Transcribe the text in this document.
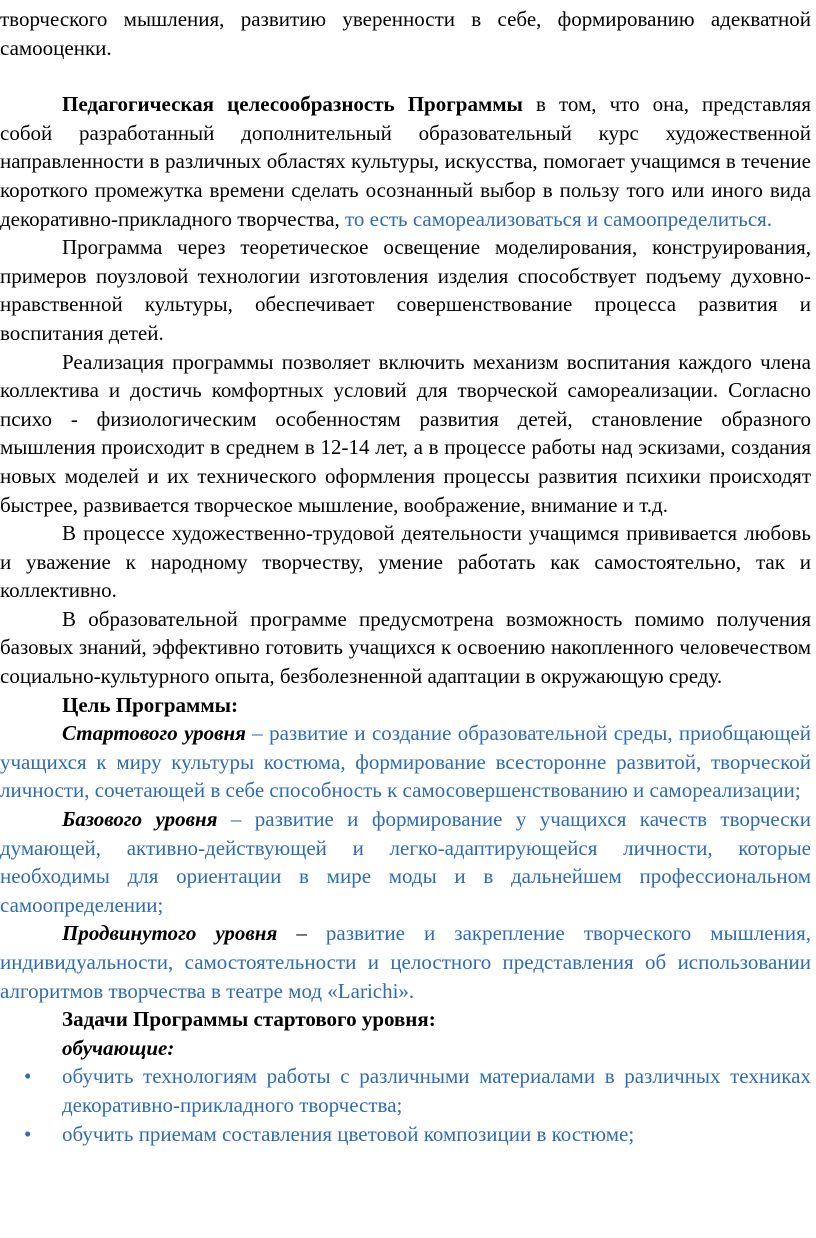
творческого мышления, развитию уверенности в себе, формированию адекватной самооценки.

Педагогическая целесообразность Программы в том, что она, представляя собой разработанный дополнительный образовательный курс художественной направленности в различных областях культуры, искусства, помогает учащимся в течение короткого промежутка времени сделать осознанный выбор в пользу того или иного вида декоративно-прикладного творчества, то есть самореализоваться и самоопределиться.

Программа через теоретическое освещение моделирования, конструирования, примеров поузловой технологии изготовления изделия способствует подъему духовно-нравственной культуры, обеспечивает совершенствование процесса развития и воспитания детей.

Реализация программы позволяет включить механизм воспитания каждого члена коллектива и достичь комфортных условий для творческой самореализации. Согласно психо - физиологическим особенностям развития детей, становление образного мышления происходит в среднем в 12-14 лет, а в процессе работы над эскизами, создания новых моделей и их технического оформления процессы развития психики происходят быстрее, развивается творческое мышление, воображение, внимание и т.д.

В процессе художественно-трудовой деятельности учащимся прививается любовь и уважение к народному творчеству, умение работать как самостоятельно, так и коллективно.

В образовательной программе предусмотрена возможность помимо получения базовых знаний, эффективно готовить учащихся к освоению накопленного человечеством социально-культурного опыта, безболезненной адаптации в окружающую среду.

Цель Программы:

Стартового уровня – развитие и создание образовательной среды, приобщающей учащихся к миру культуры костюма, формирование всесторонне развитой, творческой личности, сочетающей в себе способность к самосовершенствованию и самореализации;

Базового уровня – развитие и формирование у учащихся качеств творчески думающей, активно-действующей и легко-адаптирующейся личности, которые необходимы для ориентации в мире моды и в дальнейшем профессиональном самоопределении;

Продвинутого уровня – развитие и закрепление творческого мышления, индивидуальности, самостоятельности и целостного представления об использовании алгоритмов творчества в театре мод «Larichi».

Задачи Программы стартового уровня:

обучающие:

• обучить технологиям работы с различными материалами в различных техниках декоративно-прикладного творчества;
• обучить приемам составления цветовой композиции в костюме;
